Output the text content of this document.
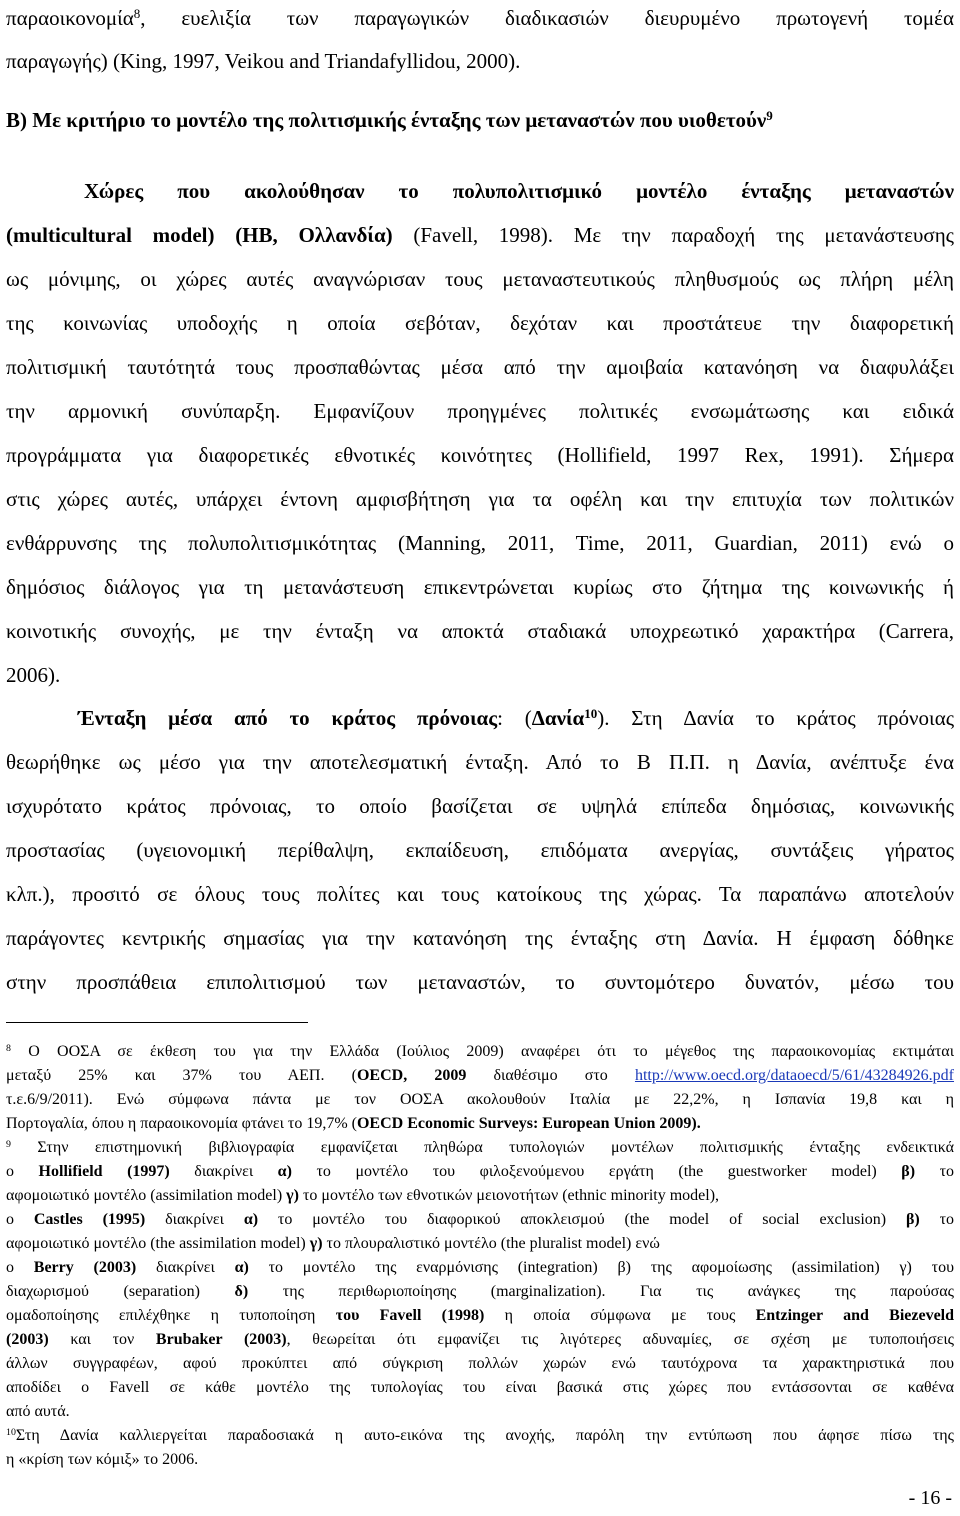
παραοικονομία$^8$, ευελιξία των παραγωγικών διαδικασιών διευρυμένο πρωτογενή τομέα
παραγωγής) (King, 1997, Veikou and Triandafyllidou, 2000).
Β) Με κριτήριο το μοντέλο της πολιτισμικής ένταξης των μεταναστών που υιοθετούν$^9$
Χώρες που ακολούθησαν το πολυπολιτισμικό μοντέλο ένταξης μεταναστών
(multicultural model) (ΗΒ, Ολλανδία) (Favell, 1998). Με την παραδοχή της μετανάστευσης
ως μόνιμης, οι χώρες αυτές αναγνώρισαν τους μεταναστευτικούς πληθυσμούς ως πλήρη μέλη
της κοινωνίας υποδοχής η οποία σεβόταν, δεχόταν και προστάτευε την διαφορετική
πολιτισμική ταυτότητά τους προσπαθώντας μέσα από την αμοιβαία κατανόηση να διαφυλάξει
την αρμονική συνύπαρξη. Εμφανίζουν προηγμένες πολιτικές ενσωμάτωσης και ειδικά
προγράμματα για διαφορετικές εθνοτικές κοινότητες (Hollifield, 1997 Rex, 1991). Σήμερα
στις χώρες αυτές, υπάρχει έντονη αμφισβήτηση για τα οφέλη και την επιτυχία των πολιτικών
ενθάρρυνσης της πολυπολιτισμικότητας (Manning, 2011, Time, 2011, Guardian, 2011) ενώ ο
δημόσιος διάλογος για τη μετανάστευση επικεντρώνεται κυρίως στο ζήτημα της κοινωνικής ή
κοινοτικής συνοχής, με την ένταξη να αποκτά σταδιακά υποχρεωτικό χαρακτήρα (Carrera,
2006).
Ένταξη μέσα από το κράτος πρόνοιας: (Δανία$^{10}$). Στη Δανία το κράτος πρόνοιας
θεωρήθηκε ως μέσο για την αποτελεσματική ένταξη. Από το Β Π.Π. η Δανία, ανέπτυξε ένα
ισχυρότατο κράτος πρόνοιας, το οποίο βασίζεται σε υψηλά επίπεδα δημόσιας, κοινωνικής
προστασίας (υγειονομική περίθαλψη, εκπαίδευση, επιδόματα ανεργίας, συντάξεις γήρατος
κλπ.), προσιτό σε όλους τους πολίτες και τους κατοίκους της χώρας. Τα παραπάνω αποτελούν
παράγοντες κεντρικής σημασίας για την κατανόηση της ένταξης στη Δανία. Η έμφαση δόθηκε
στην προσπάθεια επιπολιτισμού των μεταναστών, το συντομότερο δυνατόν, μέσω του
$^8$ Ο ΟΟΣΑ σε έκθεση του για την Ελλάδα (Ιούλιος 2009) αναφέρει ότι το μέγεθος της παραοικονομίας εκτιμάται
μεταξύ 25% και 37% του ΑΕΠ. (OECD, 2009 διαθέσιμο στο http://www.oecd.org/dataoecd/5/61/43284926.pdf
τ.ε.6/9/2011). Ενώ σύμφωνα πάντα με τον ΟΟΣΑ ακολουθούν Ιταλία με 22,2%, η Ισπανία 19,8 και η
Πορτογαλία, όπου η παραοικονομία φτάνει το 19,7% (OECD Economic Surveys: European Union 2009).
$^9$ Στην επιστημονική βιβλιογραφία εμφανίζεται πληθώρα τυπολογιών μοντέλων πολιτισμικής ένταξης ενδεικτικά
ο Hollifield (1997) διακρίνει α) το μοντέλο του φιλοξενούμενου εργάτη (the guestworker model) β) το
αφομοιωτικό μοντέλο (assimilation model) γ) το μοντέλο των εθνοτικών μειονοτήτων (ethnic minority model),
ο Castles (1995) διακρίνει α) το μοντέλο του διαφορικού αποκλεισμού (the model of social exclusion) β) το
αφομοιωτικό μοντέλο (the assimilation model) γ) το πλουραλιστικό μοντέλο (the pluralist model) ενώ
ο Berry (2003) διακρίνει α) το μοντέλο της εναρμόνισης (integration) β) της αφομοίωσης (assimilation) γ) του
διαχωρισμού (separation) δ) της περιθωριοποίησης (marginalization). Για τις ανάγκες της παρούσας
ομαδοποίησης επιλέχθηκε η τυποποίηση του Favell (1998) η οποία σύμφωνα με τους Entzinger and Biezeveld
(2003) και τον Brubaker (2003), θεωρείται ότι εμφανίζει τις λιγότερες αδυναμίες, σε σχέση με τυποποιήσεις
άλλων συγγραφέων, αφού προκύπτει από σύγκριση πολλών χωρών ενώ ταυτόχρονα τα χαρακτηριστικά που
αποδίδει ο Favell σε κάθε μοντέλο της τυπολογίας του είναι βασικά στις χώρες που εντάσσονται σε καθένα
από αυτά.
$^{10}$Στη Δανία καλλιεργείται παραδοσιακά η αυτο-εικόνα της ανοχής, παρόλη την εντύπωση που άφησε πίσω της
η «κρίση των κόμιξ» το 2006.
- 16 -
